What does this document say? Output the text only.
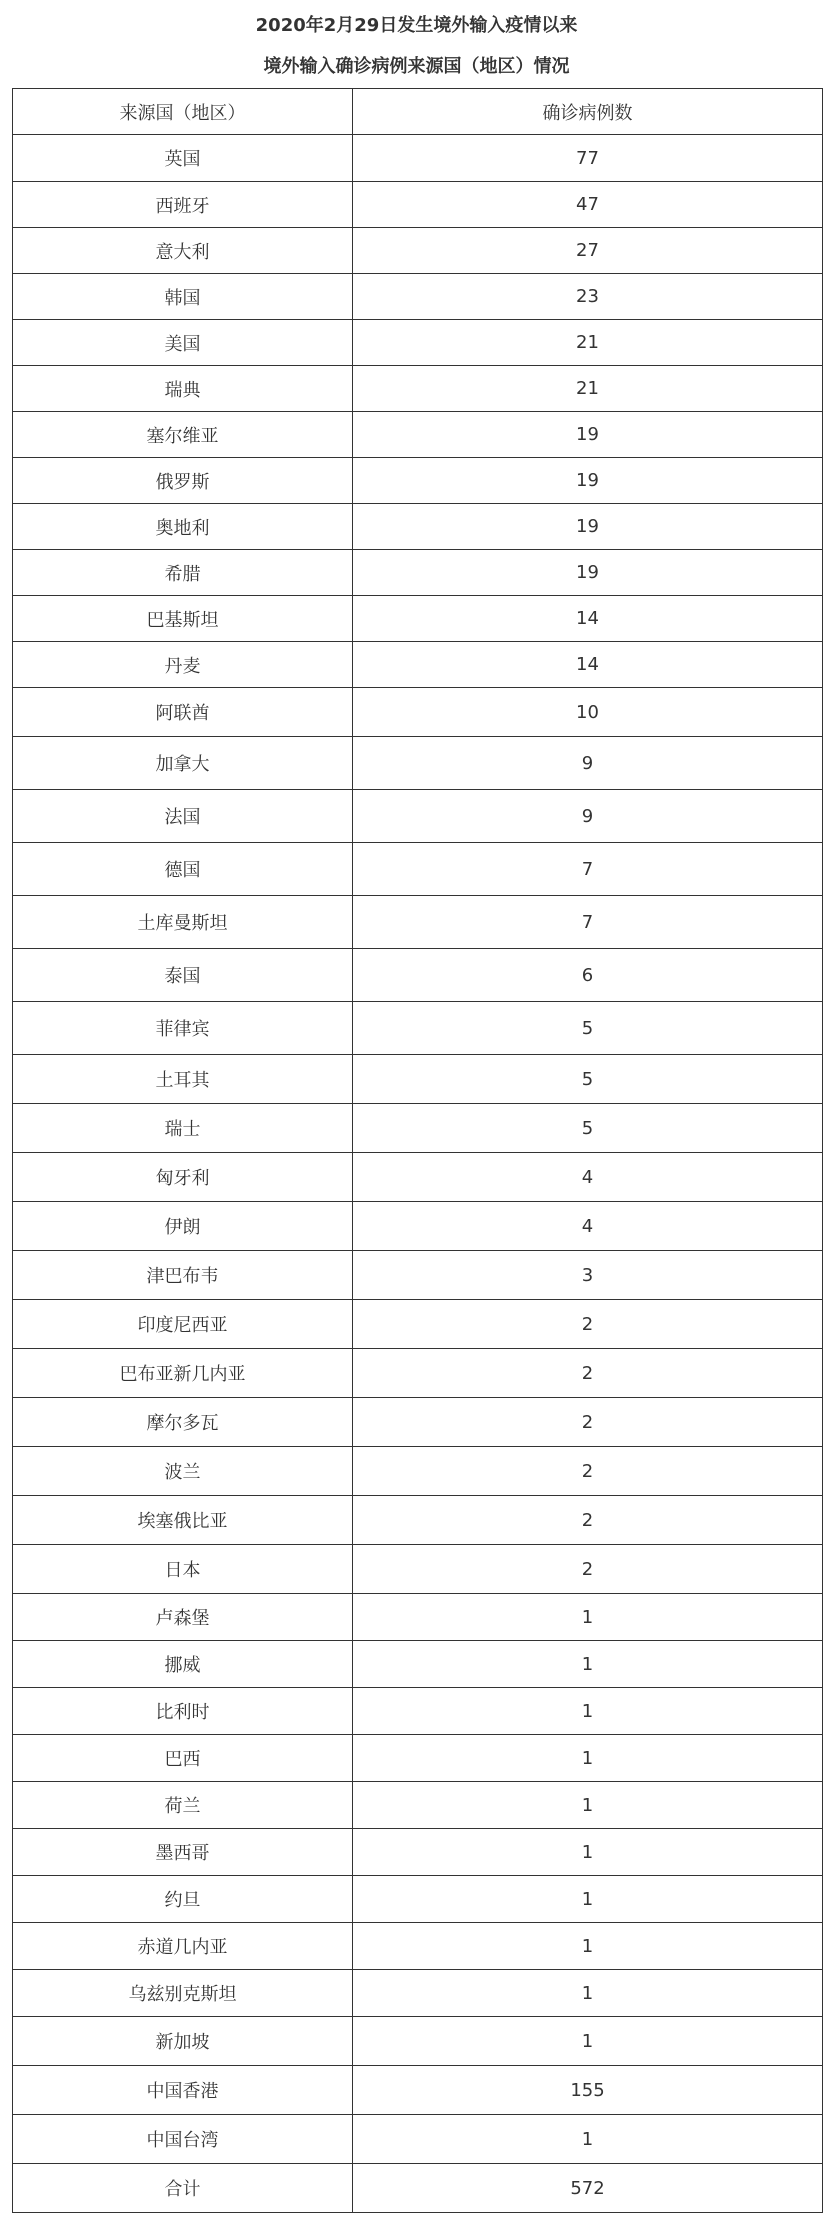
2020年2月29日发生境外输入疫情以来
境外输入确诊病例来源国（地区）情况
来源国（地区）	确诊病例数
英国	77
西班牙	47
意大利	27
韩国	23
美国	21
瑞典	21
塞尔维亚	19
俄罗斯	19
奥地利	19
希腊	19
巴基斯坦	14
丹麦	14
阿联酋	10
加拿大	9
法国	9
德国	7
土库曼斯坦	7
泰国	6
菲律宾	5
土耳其	5
瑞士	5
匈牙利	4
伊朗	4
津巴布韦	3
印度尼西亚	2
巴布亚新几内亚	2
摩尔多瓦	2
波兰	2
埃塞俄比亚	2
日本	2
卢森堡	1
挪威	1
比利时	1
巴西	1
荷兰	1
墨西哥	1
约旦	1
赤道几内亚	1
乌兹别克斯坦	1
新加坡	1
中国香港	155
中国台湾	1
合计	572
